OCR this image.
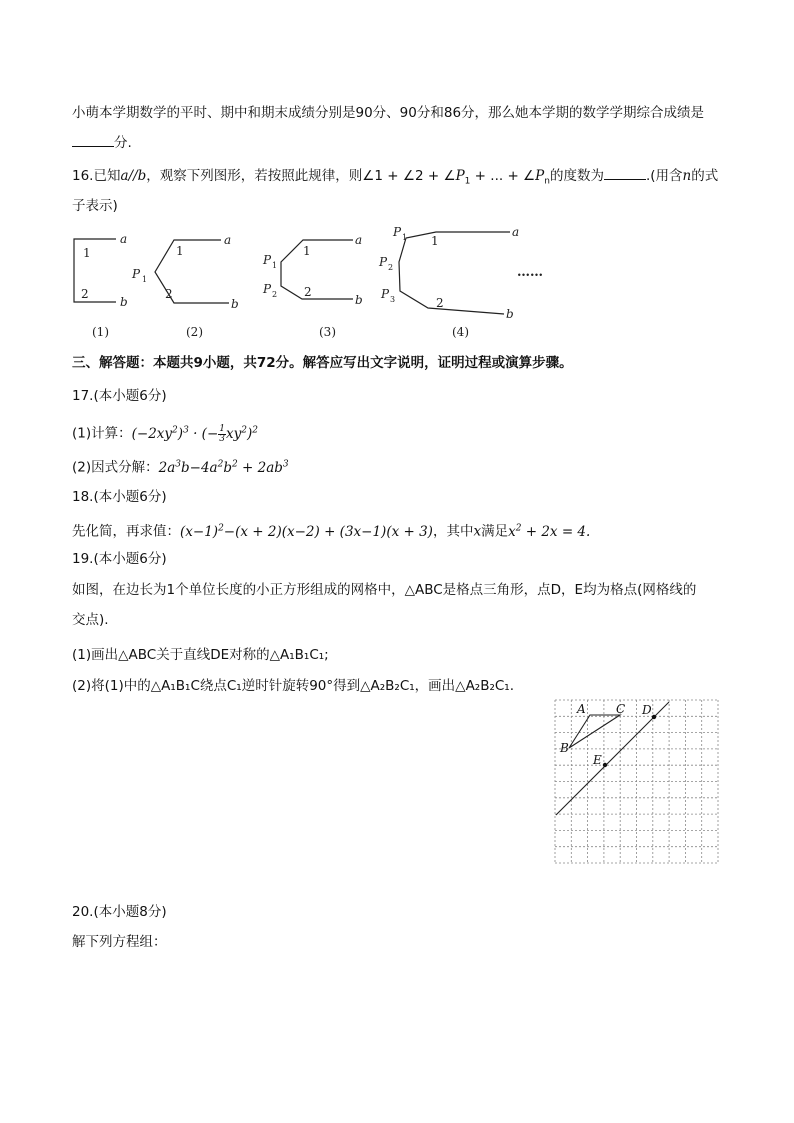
小萌本学期数学的平时、期中和期末成绩分别是90分、90分和86分，那么她本学期的数学学期综合成绩是
分.
16.已知a//b，观察下列图形，若按照此规律，则∠1 + ∠2 + $\angle P_1$ + ... + $\angle P_n$的度数为	.(用含n的式
子表示)
a
1
2
b
1
a
P 1
2
b
1
a
P 1
P 2 2
b
P 1 1
a
P 2
P 3	2
b
……
(1)	(2)	(3)	(4)
三、解答题：本题共9小题，共72分。解答应写出文字说明，证明过程或演算步骤。
17.(本小题6分)
(1)计算：$(-2xy^2)^3$ · (− $\frac{1}{3} xy^2)^2$
(2)因式分解：$2a^3b-4a^2b^2 + 2ab^3$
18.(本小题6分)
先化简，再求值：$(x-1)^2-(x + 2)(x-2) + (3x-1)(x + 3)$，其中x满足$x^2 + 2x = 4$.
19.(本小题6分)
如图，在边长为1个单位长度的小正方形组成的网格中，△ABC是格点三角形，点D，E均为格点(网格线的
交点).
(1)画出△ABC关于直线DE对称的△A₁B₁C₁;
(2)将(1)中的△A₁B₁C绕点C₁逆时针旋转90°得到△A₂B₂C₁，画出△A₂B₂C₁.
A	C D
B
E
20.(本小题8分)
解下列方程组：
